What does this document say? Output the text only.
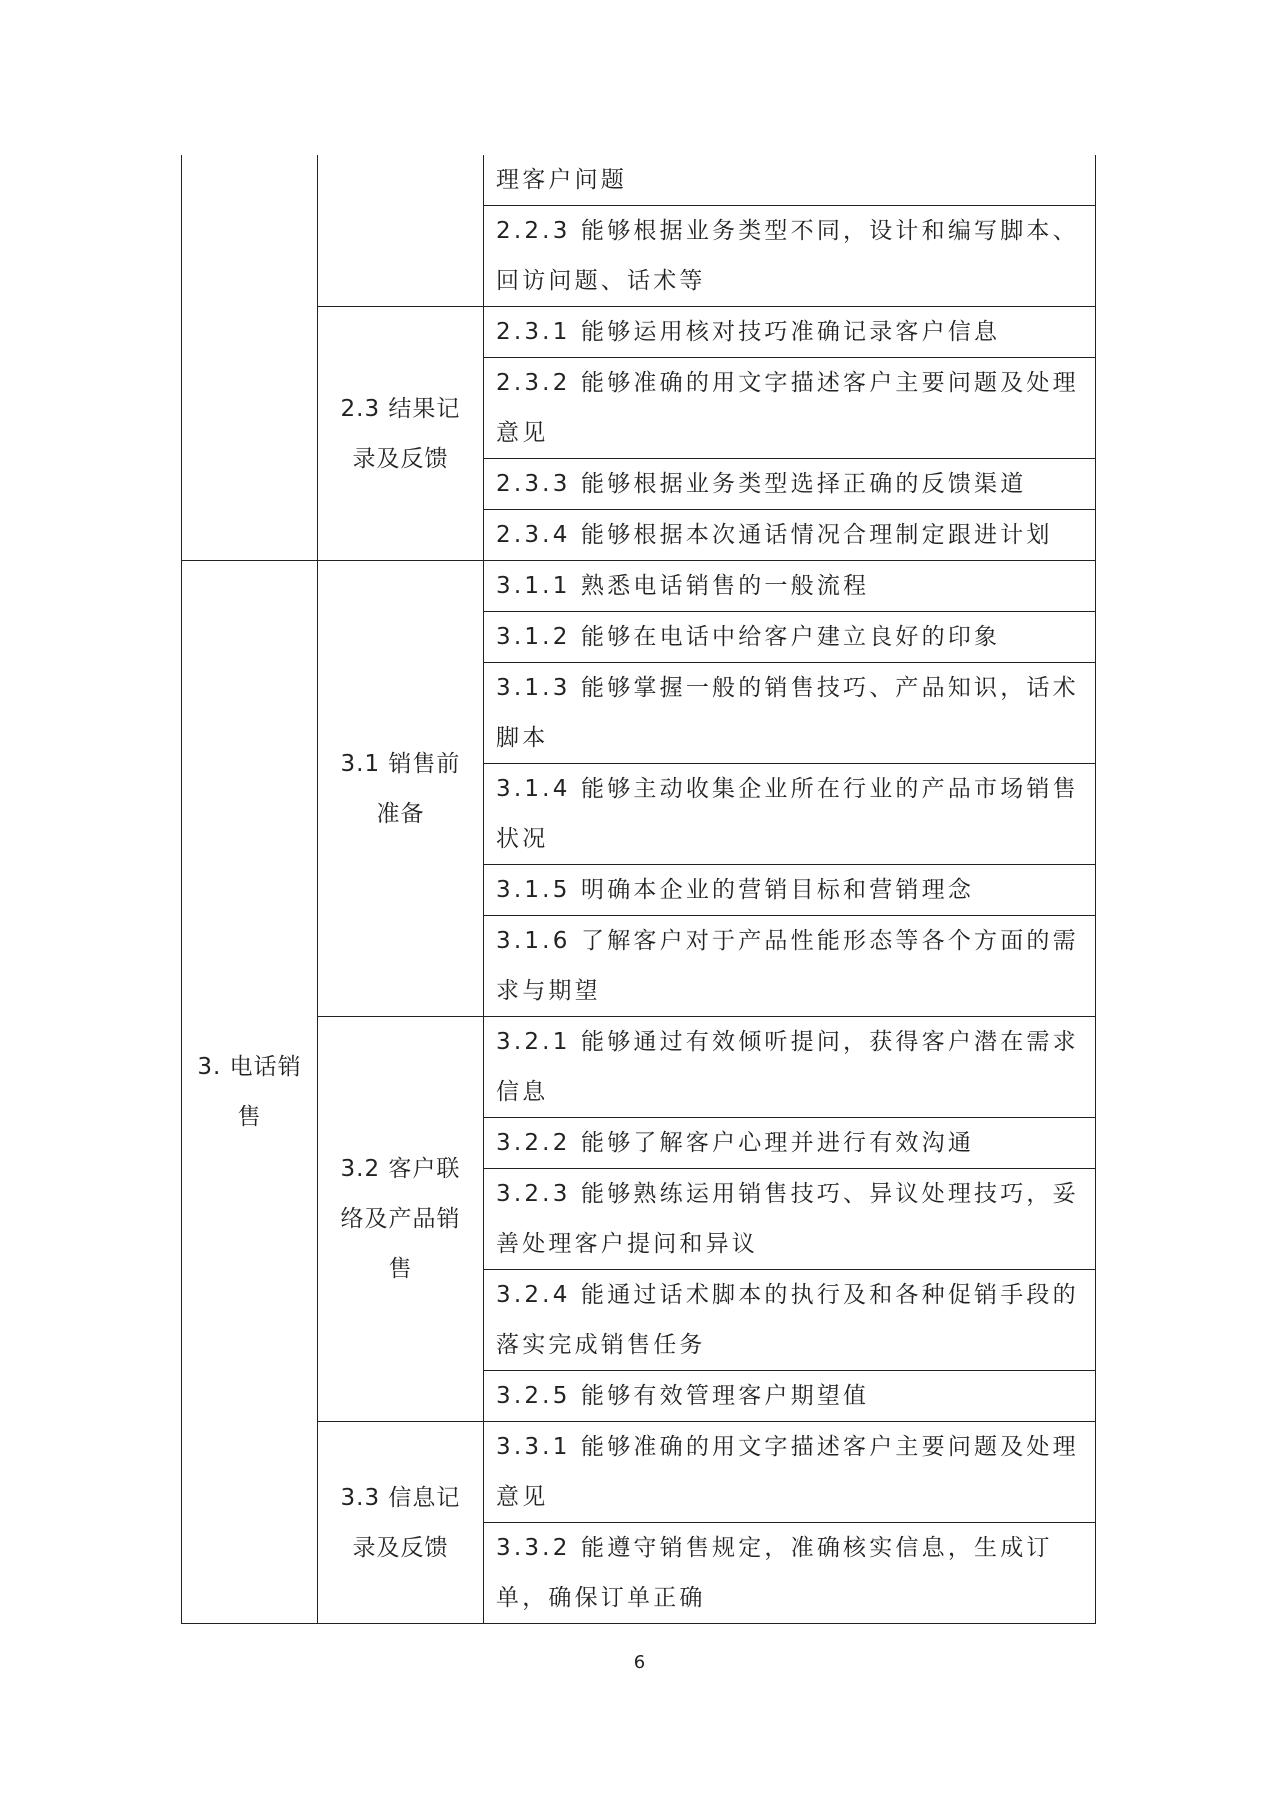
		理客户问题
		2.2.3 能够根据业务类型不同，设计和编写脚本、回访问题、话术等

	2.3 结果记录及反馈	2.3.1 能够运用核对技巧准确记录客户信息
		2.3.2 能够准确的用文字描述客户主要问题及处理意见
		2.3.3 能够根据业务类型选择正确的反馈渠道
		2.3.4 能够根据本次通话情况合理制定跟进计划

3. 电话销售	3.1 销售前准备	3.1.1 熟悉电话销售的一般流程
		3.1.2 能够在电话中给客户建立良好的印象
		3.1.3 能够掌握一般的销售技巧、产品知识，话术脚本
		3.1.4 能够主动收集企业所在行业的产品市场销售状况
		3.1.5 明确本企业的营销目标和营销理念
		3.1.6 了解客户对于产品性能形态等各个方面的需求与期望

	3.2 客户联络及产品销售	3.2.1 能够通过有效倾听提问，获得客户潜在需求信息
		3.2.2 能够了解客户心理并进行有效沟通
		3.2.3 能够熟练运用销售技巧、异议处理技巧，妥善处理客户提问和异议
		3.2.4 能通过话术脚本的执行及和各种促销手段的落实完成销售任务
		3.2.5 能够有效管理客户期望值

	3.3 信息记录及反馈	3.3.1 能够准确的用文字描述客户主要问题及处理意见
		3.3.2 能遵守销售规定，准确核实信息，生成订单，确保订单正确
6
